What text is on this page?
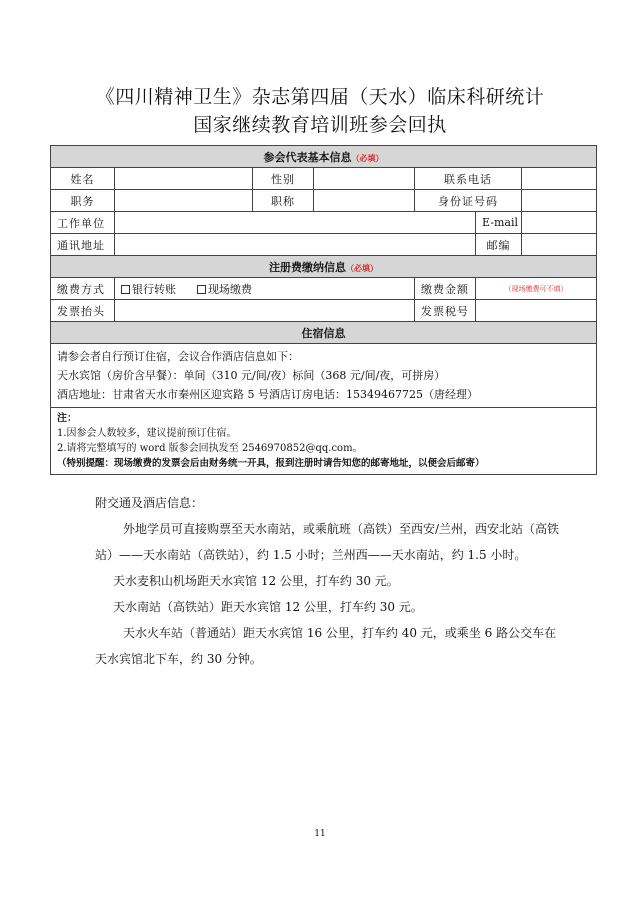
《四川精神卫生》杂志第四届（天水）临床科研统计
国家继续教育培训班参会回执
参会代表基本信息（必填）						
姓名		性别		联系电话		
职务		职称		身份证号码		
工作单位					E-mail	
通讯地址					邮编	
注册费缴纳信息（必填）						
缴费方式	银行转账 现场缴费			缴费金额	（现场缴费可不填）	
发票抬头				发票税号		
住宿信息						

请参会者自行预订住宿，会议合作酒店信息如下：
天水宾馆（房价含早餐）：单间（310 元/间/夜）标间（368 元/间/夜，可拼房）
酒店地址：甘肃省天水市秦州区迎宾路 5 号酒店订房电话：15349467725（唐经理）						

注：
1.因参会人数较多，建议提前预订住宿。
2.请将完整填写的 word 版参会回执发至 2546970852@qq.com。
（特别提醒：现场缴费的发票会后由财务统一开具，报到注册时请告知您的邮寄地址，以便会后邮寄）						

附交通及酒店信息：

外地学员可直接购票至天水南站，或乘航班（高铁）至西安/兰州，西安北站（高铁站）——天水南站（高铁站），约 1.5 小时；兰州西——天水南站，约 1.5 小时。

天水麦积山机场距天水宾馆 12 公里，打车约 30 元。

天水南站（高铁站）距天水宾馆 12 公里，打车约 30 元。

天水火车站（普通站）距天水宾馆 16 公里，打车约 40 元，或乘坐 6 路公交车在天水宾馆北下车，约 30 分钟。

11
